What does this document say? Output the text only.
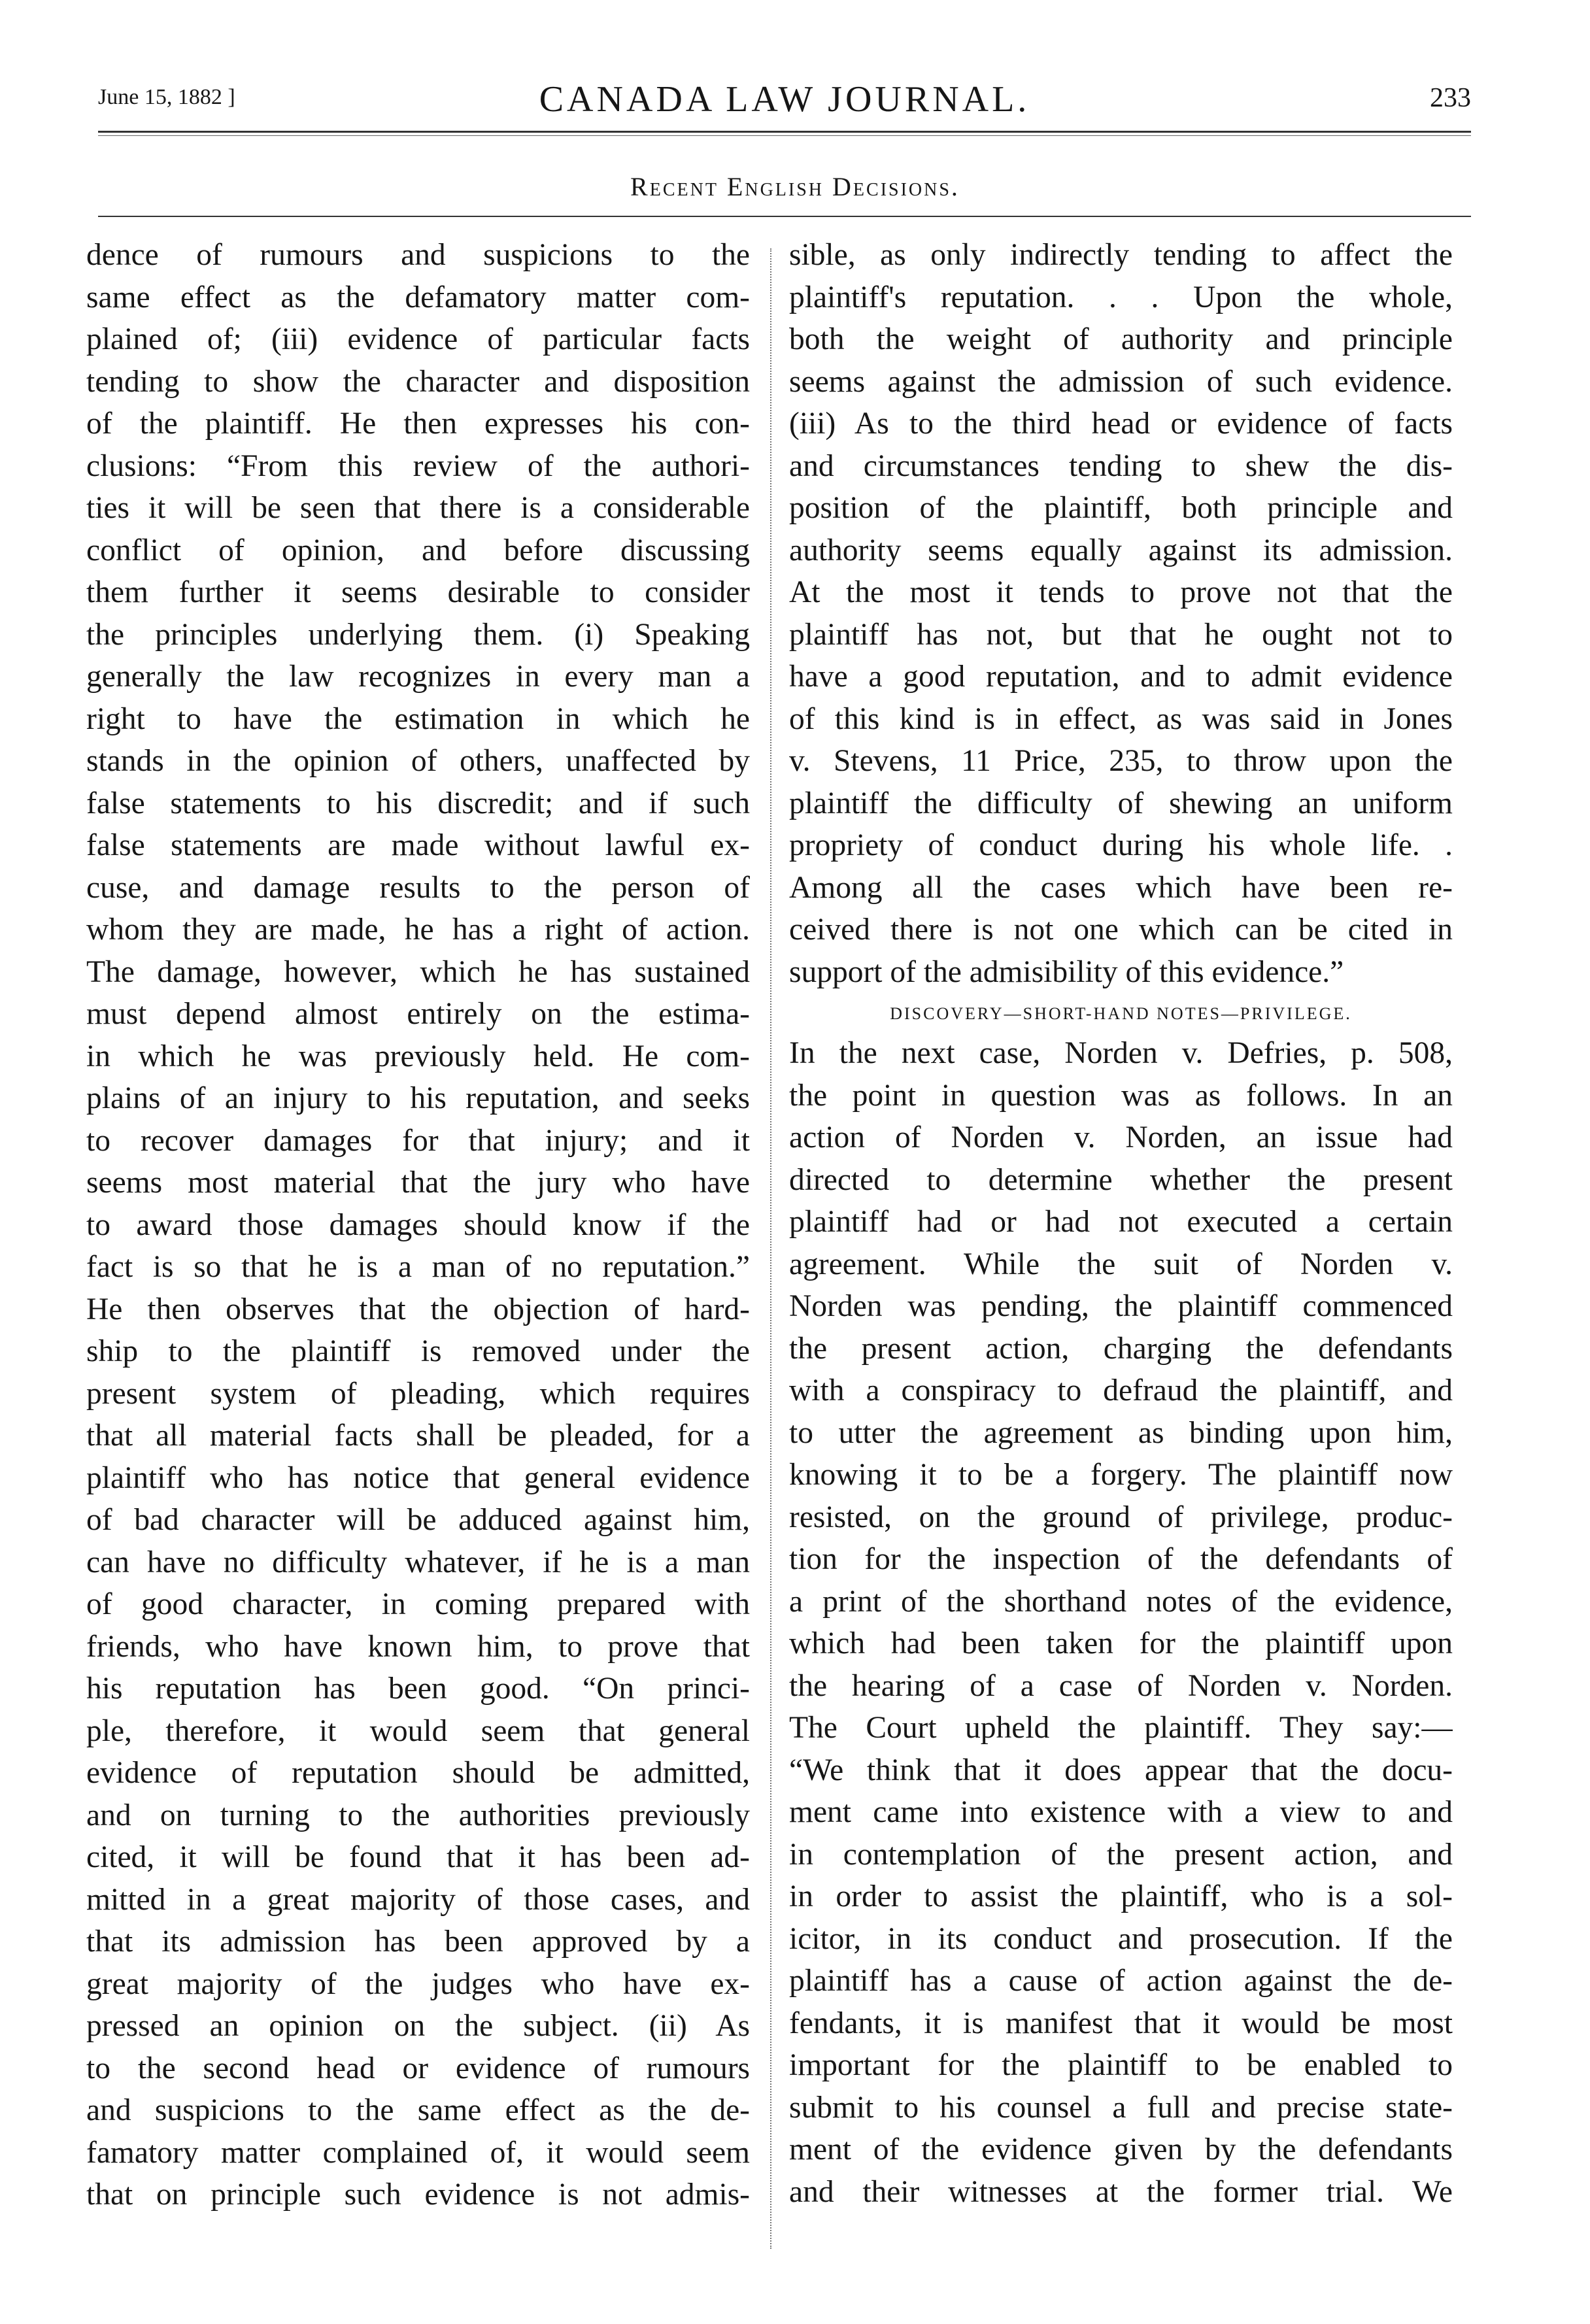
June 15, 1882 ]	CANADA LAW JOURNAL.	233
Recent English Decisions.
dence of rumours and suspicions to the
same effect as the defamatory matter com-
plained of; (iii) evidence of particular facts
tending to show the character and disposition
of the plaintiff. He then expresses his con-
clusions: “From this review of the authori-
ties it will be seen that there is a considerable
conflict of opinion, and before discussing
them further it seems desirable to consider
the principles underlying them. (i) Speaking
generally the law recognizes in every man a
right to have the estimation in which he
stands in the opinion of others, unaffected by
false statements to his discredit; and if such
false statements are made without lawful ex-
cuse, and damage results to the person of
whom they are made, he has a right of action.
The damage, however, which he has sustained
must depend almost entirely on the estima-
in which he was previously held. He com-
plains of an injury to his reputation, and seeks
to recover damages for that injury; and it
seems most material that the jury who have
to award those damages should know if the
fact is so that he is a man of no reputation.”
He then observes that the objection of hard-
ship to the plaintiff is removed under the
present system of pleading, which requires
that all material facts shall be pleaded, for a
plaintiff who has notice that general evidence
of bad character will be adduced against him,
can have no difficulty whatever, if he is a man
of good character, in coming prepared with
friends, who have known him, to prove that
his reputation has been good. “On princi-
ple, therefore, it would seem that general
evidence of reputation should be admitted,
and on turning to the authorities previously
cited, it will be found that it has been ad-
mitted in a great majority of those cases, and
that its admission has been approved by a
great majority of the judges who have ex-
pressed an opinion on the subject. (ii) As
to the second head or evidence of rumours
and suspicions to the same effect as the de-
famatory matter complained of, it would seem
that on principle such evidence is not admis-
sible, as only indirectly tending to affect the
plaintiff's reputation. . . Upon the whole,
both the weight of authority and principle
seems against the admission of such evidence.
(iii) As to the third head or evidence of facts
and circumstances tending to shew the dis-
position of the plaintiff, both principle and
authority seems equally against its admission.
At the most it tends to prove not that the
plaintiff has not, but that he ought not to
have a good reputation, and to admit evidence
of this kind is in effect, as was said in Jones
v. Stevens, 11 Price, 235, to throw upon the
plaintiff the difficulty of shewing an uniform
propriety of conduct during his whole life. .
Among all the cases which have been re-
ceived there is not one which can be cited in
support of the admisibility of this evidence.”
DISCOVERY—SHORT-HAND NOTES—PRIVILEGE.
In the next case, Norden v. Defries, p. 508,
the point in question was as follows. In an
action of Norden v. Norden, an issue had
directed to determine whether the present
plaintiff had or had not executed a certain
agreement. While the suit of Norden v.
Norden was pending, the plaintiff commenced
the present action, charging the defendants
with a conspiracy to defraud the plaintiff, and
to utter the agreement as binding upon him,
knowing it to be a forgery. The plaintiff now
resisted, on the ground of privilege, produc-
tion for the inspection of the defendants of
a print of the shorthand notes of the evidence,
which had been taken for the plaintiff upon
the hearing of a case of Norden v. Norden.
The Court upheld the plaintiff. They say:—
“We think that it does appear that the docu-
ment came into existence with a view to and
in contemplation of the present action, and
in order to assist the plaintiff, who is a sol-
icitor, in its conduct and prosecution. If the
plaintiff has a cause of action against the de-
fendants, it is manifest that it would be most
important for the plaintiff to be enabled to
submit to his counsel a full and precise state-
ment of the evidence given by the defendants
and their witnesses at the former trial. We
